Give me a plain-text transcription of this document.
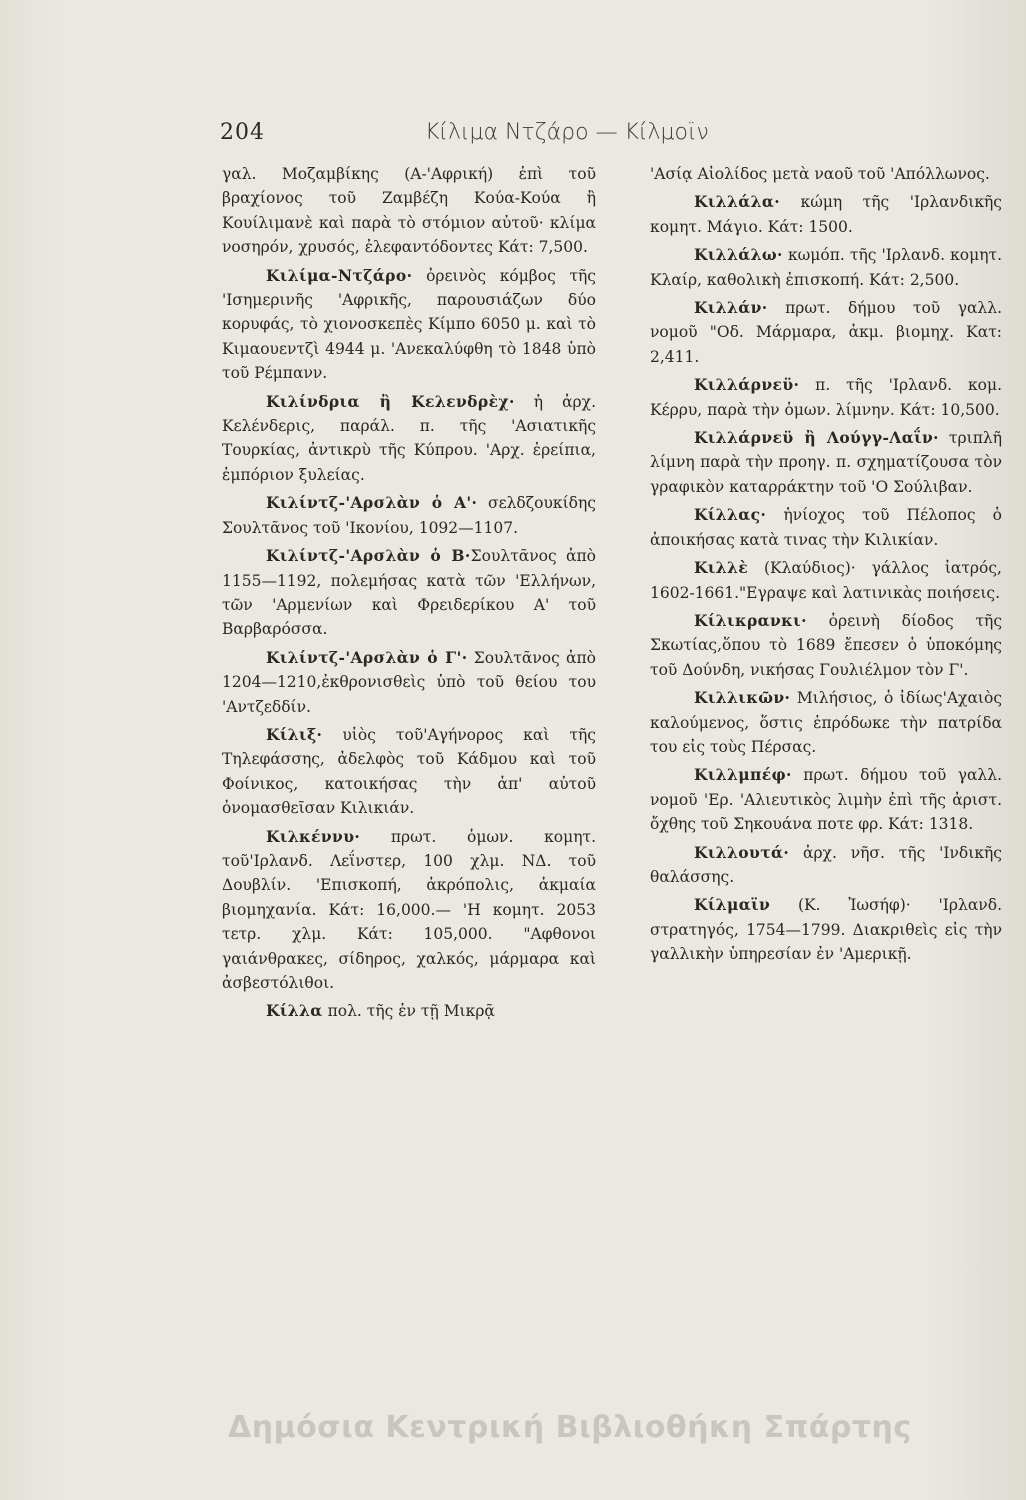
204	Κίλιμα Ντζάρο — Κίλμοϊν

γαλ. Μοζαμβίκης (Α-'Αφρική) ἐπὶ τοῦ βραχίονος τοῦ Ζαμβέζη Κούα-Κούα ἢ Κουίλιμανὲ καὶ παρὰ τὸ στόμιον αὐτοῦ· κλίμα νοσηρόν, χρυσός, ἐλεφαντόδοντες Κάτ: 7,500.

Κιλίμα-Ντζάρο· ὀρεινὸς κόμβος τῆς 'Ισημερινῆς 'Αφρικῆς, παρουσιάζων δύο κορυφάς, τὸ χιονοσκεπὲς Κίμπο 6050 μ. καὶ τὸ Κιμαουεντζὶ 4944 μ. 'Ανεκαλύφθη τὸ 1848 ὑπὸ τοῦ Ρέμπανν.

Κιλίνδρια ἢ Κελενδρὲχ· ἡ ἀρχ. Κελένδερις, παράλ. π. τῆς 'Ασιατικῆς Τουρκίας, ἀντικρὺ τῆς Κύπρου. 'Αρχ. ἐρείπια, ἐμπόριον ξυλείας.

Κιλίντζ-'Αρσλὰν ὁ Α'· σελδζουκίδης Σουλτᾶνος τοῦ 'Ικονίου, 1092—1107.

Κιλίντζ-'Αρσλὰν ὁ Β·Σουλτᾶνος ἀπὸ 1155—1192, πολεμήσας κατὰ τῶν 'Ελλήνων, τῶν 'Αρμενίων καὶ Φρειδερίκου Α' τοῦ Βαρβαρόσσα.

Κιλίντζ-'Αρσλὰν ὁ Γ'· Σουλτᾶνος ἀπὸ 1204—1210,ἐκθρονισθεὶς ὑπὸ τοῦ θείου του 'Αντζεδδίν.

Κίλιξ· υἱὸς τοῦ'Αγήνορος καὶ τῆς Τηλεφάσσης, ἀδελφὸς τοῦ Κάδμου καὶ τοῦ Φοίνικος, κατοικήσας τὴν ἀπ' αὐτοῦ ὀνομασθεῖσαν Κιλικιάν.

Κιλκέννυ· πρωτ. ὁμων. κομητ. τοῦ'Ιρλανδ. Λεΐνστερ, 100 χλμ. ΝΔ. τοῦ Δουβλίν. 'Επισκοπή, ἀκρόπολις, ἀκμαία βιομηχανία. Κάτ: 16,000.— 'Η κομητ. 2053 τετρ. χλμ. Κάτ: 105,000. "Αφθονοι γαιάνθρακες, σίδηρος, χαλκός, μάρμαρα καὶ ἀσβεστόλιθοι.

Κίλλα πολ. τῆς ἐν τῇ Μικρᾷ

'Ασίᾳ Αἰολίδος μετὰ ναοῦ τοῦ 'Απόλλωνος.

Κιλλάλα· κώμη τῆς 'Ιρλανδικῆς κομητ. Μάγιο. Κάτ: 1500.

Κιλλάλω· κωμόπ. τῆς 'Ιρλανδ. κομητ. Κλαίρ, καθολικὴ ἐπισκοπή. Κάτ: 2,500.

Κιλλάν· πρωτ. δήμου τοῦ γαλλ. νομοῦ "Οδ. Μάρμαρα, ἀκμ. βιομηχ. Κατ: 2,411.

Κιλλάρνεϋ· π. τῆς 'Ιρλανδ. κομ. Κέρρυ, παρὰ τὴν ὁμων. λίμνην. Κάτ: 10,500.

Κιλλάρνεϋ ἢ Λούγγ-Λαΐν· τριπλῆ λίμνη παρὰ τὴν προηγ. π. σχηματίζουσα τὸν γραφικὸν καταρράκτην τοῦ 'Ο Σούλιβαν.

Κίλλας· ἡνίοχος τοῦ Πέλοπος ὁ ἀποικήσας κατὰ τινας τὴν Κιλικίαν.

Κιλλὲ (Κλαύδιος)· γάλλος ἰατρός, 1602-1661."Εγραψε καὶ λατινικὰς ποιήσεις.

Κίλικρανκι· ὀρεινὴ δίοδος τῆς Σκωτίας,ὅπου τὸ 1689 ἔπεσεν ὁ ὑποκόμης τοῦ Δούνδη, νικήσας Γουλιέλμον τὸν Γ'.

Κιλλικῶν· Μιλήσιος, ὁ ἰδίως'Αχαιὸς καλούμενος, ὅστις ἐπρόδωκε τὴν πατρίδα του εἰς τοὺς Πέρσας.

Κιλλμπέφ· πρωτ. δήμου τοῦ γαλλ. νομοῦ 'Ερ. 'Αλιευτικὸς λιμὴν ἐπὶ τῆς ἀριστ. ὄχθης τοῦ Σηκουάνα ποτε φρ. Κάτ: 1318.

Κιλλουτά· ἀρχ. νῆσ. τῆς 'Ινδικῆς θαλάσσης.

Κίλμαϊν (Κ. Ἰωσήφ)· 'Ιρλανδ. στρατηγός, 1754—1799. Διακριθεὶς εἰς τὴν γαλλικὴν ὑπηρεσίαν ἐν 'Αμερικῇ.

Δημόσια Κεντρική Βιβλιοθήκη Σπάρτης
